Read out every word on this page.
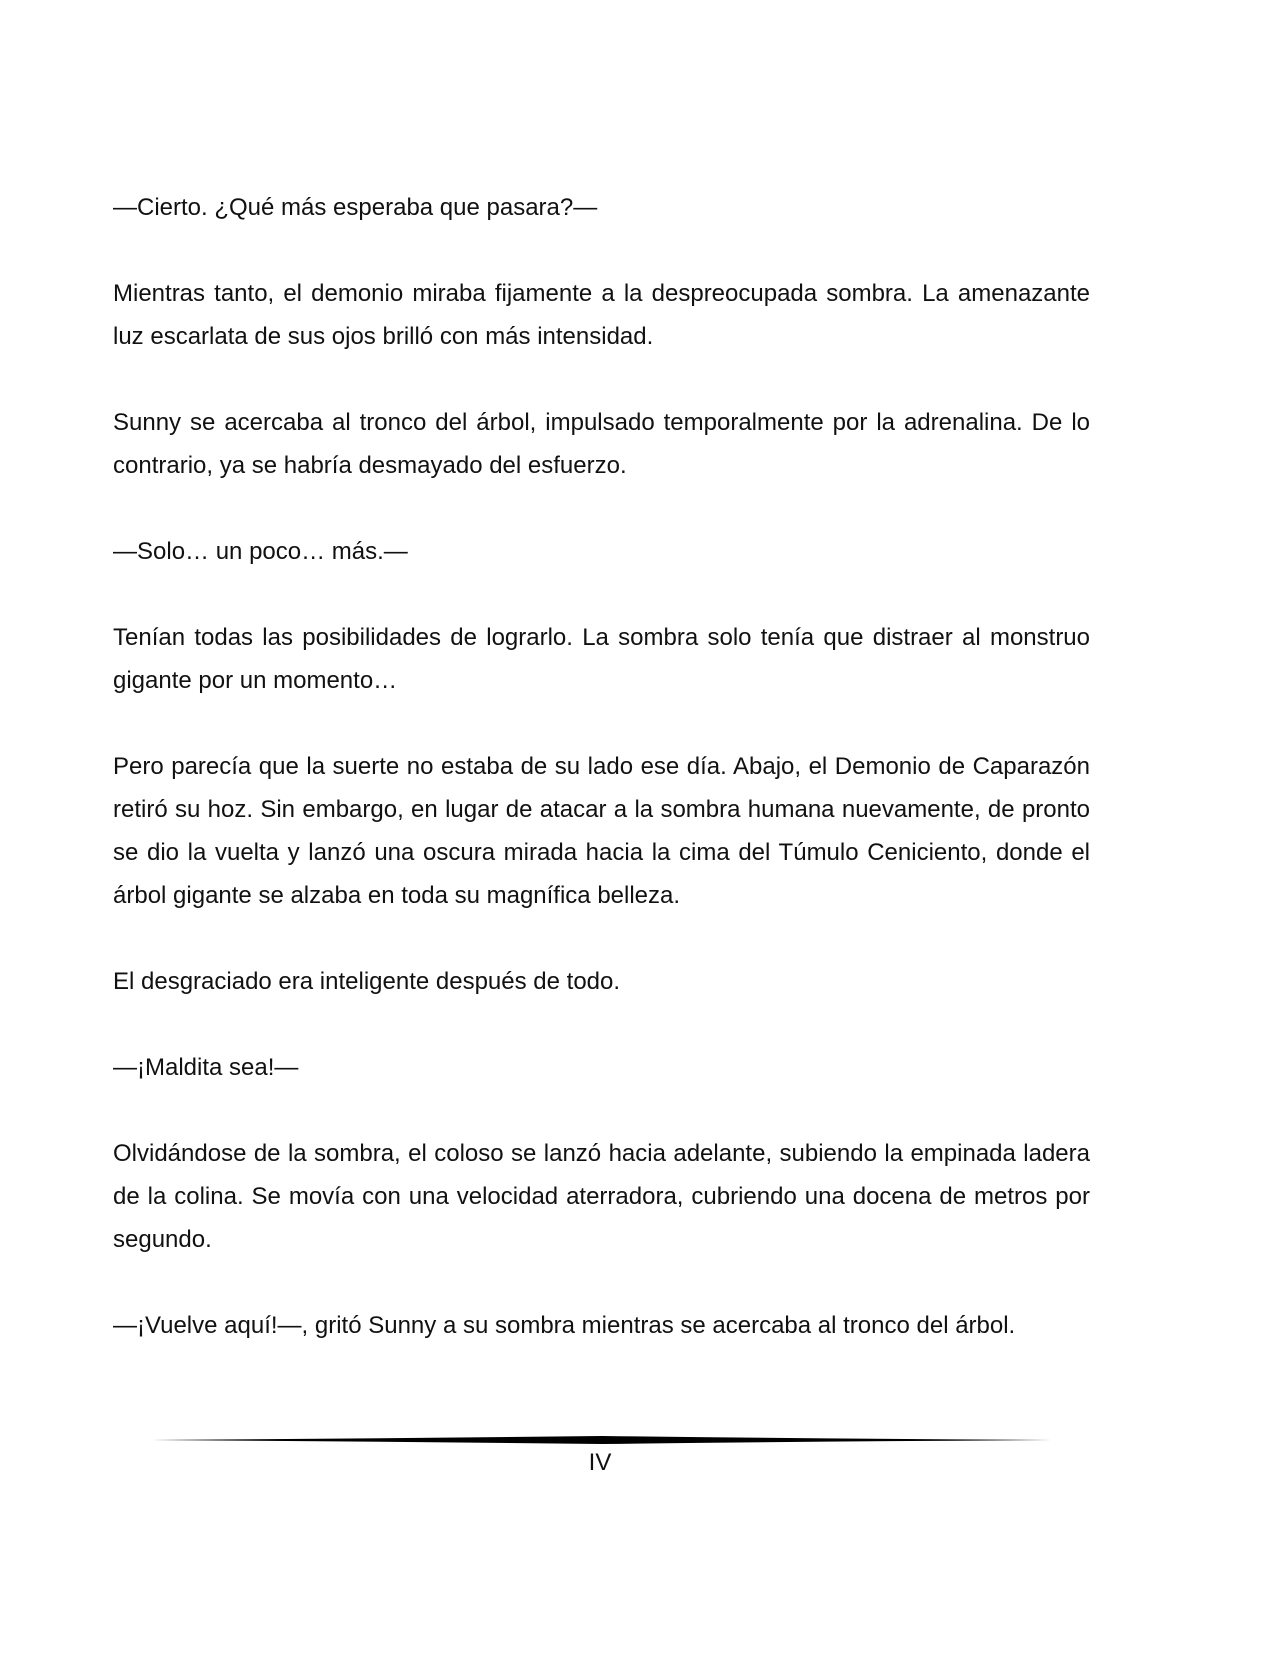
—Cierto. ¿Qué más esperaba que pasara?—

Mientras tanto, el demonio miraba fijamente a la despreocupada sombra. La amenazante luz escarlata de sus ojos brilló con más intensidad.

Sunny se acercaba al tronco del árbol, impulsado temporalmente por la adrenalina. De lo contrario, ya se habría desmayado del esfuerzo.

—Solo… un poco… más.—

Tenían todas las posibilidades de lograrlo. La sombra solo tenía que distraer al monstruo gigante por un momento…

Pero parecía que la suerte no estaba de su lado ese día. Abajo, el Demonio de Caparazón retiró su hoz. Sin embargo, en lugar de atacar a la sombra humana nuevamente, de pronto se dio la vuelta y lanzó una oscura mirada hacia la cima del Túmulo Ceniciento, donde el árbol gigante se alzaba en toda su magnífica belleza.

El desgraciado era inteligente después de todo.

—¡Maldita sea!—

Olvidándose de la sombra, el coloso se lanzó hacia adelante, subiendo la empinada ladera de la colina. Se movía con una velocidad aterradora, cubriendo una docena de metros por segundo.

—¡Vuelve aquí!—, gritó Sunny a su sombra mientras se acercaba al tronco del árbol.

IV
